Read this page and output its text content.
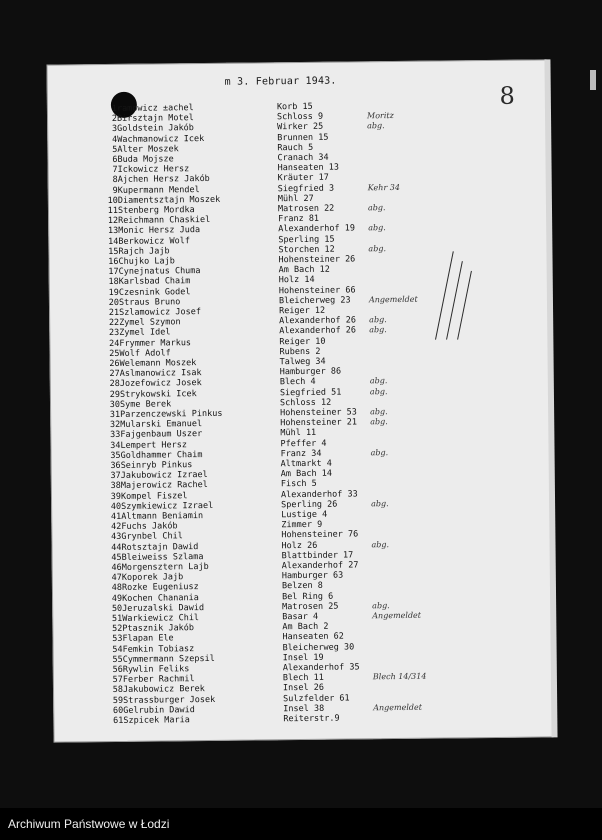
m 3. Februar 1943.
8
1 ramowicz ±achel	Korb 15
2 Birsztajn Motel	Schloss 9	Moritz
3 Goldstein Jakób	Wirker 25	abg.
4 Wachmanowicz Icek	Brunnen 15
5 Alter Moszek	Rauch 5
6 Buda Mojsze	Cranach 34
7 Ickowicz Hersz	Hanseaten 13
8 Ajchen Hersz Jakób	Kräuter 17
9 Kupermann Mendel	Siegfried 3	Kehr 34
10 Diamentsztajn Moszek	Mühl 27
11 Stenberg Mordka	Matrosen 22	abg.
12 Reichmann Chaskiel	Franz 81
13 Monic Hersz Juda	Alexanderhof 19 abg.
14 Berkowicz Wolf	Sperling 15
15 Rajch Jajb	Storchen 12	abg.
16 Chujko Lajb	Hohensteiner 26
17 Cynejnatus Chuma	Am Bach 12
18 Karlsbad Chaim	Holz 14
19 Czesnink Godel	Hohensteiner 66
20 Straus Bruno	Bleicherweg 23 Angemeldet
21 Szlamowicz Josef	Reiger 12
22 Zymel Szymon	Alexanderhof 26 abg.
23 Zymel Idel	Alexanderhof 26 abg.
24 Frymmer Markus	Reiger 10
25 Wolf Adolf	Rubens 2
26 Welemann Moszek	Talweg 34
27 Aslmanowicz Isak	Hamburger 86
28 Jozefowicz Josek	Blech 4	abg.
29 Strykowski Icek	Siegfried 51	abg.
30 Syme Berek	Schloss 12
31 Parzenczewski Pinkus	Hohensteiner 53 abg.
32 Mularski Emanuel	Hohensteiner 21 abg.
33 Fajgenbaum Uszer	Mühl 11
34 Lempert Hersz	Pfeffer 4
35 Goldhammer Chaim	Franz 34	abg.
36 Seinryb Pinkus	Altmarkt 4
37 Jakubowicz Izrael	Am Bach 14
38 Majerowicz Rachel	Fisch 5
39 Kompel Fiszel	Alexanderhof 33
40 Szymkiewicz Izrael	Sperling 26	abg.
41 Altmann Beniamin	Lustige 4
42 Fuchs Jakób	Zimmer 9
43 Grynbel Chil	Hohensteiner 76
44 Rotsztajn Dawid	Holz 26	abg.
45 Bleiweiss Szlama	Blattbinder 17
46 Morgensztern Lajb	Alexanderhof 27
47 Koporek Jajb	Hamburger 63
48 Rozke Eugeniusz	Belzen 8
49 Kochen Chanania	Bel Ring 6
50 Jeruzalski Dawid	Matrosen 25	abg.
51 Warkiewicz Chil	Basar 4	Angemeldet
52 Ptasznik Jakób	Am Bach 2
53 Flapan Ele	Hanseaten 62
54 Femkin Tobiasz	Bleicherweg 30
55 Cymmermann Szepsil	Insel 19
56 Rywlin Feliks	Alexanderhof 35
57 Ferber Rachmil	Blech 11	Blech 14/314
58 Jakubowicz Berek	Insel 26
59 Strassburger Josek	Sulzfelder 61
60 Gelrubin Dawid	Insel 38	Angemeldet
61 Szpicek Maria	Reiterstr.9
Archiwum Państwowe w Łodzi
